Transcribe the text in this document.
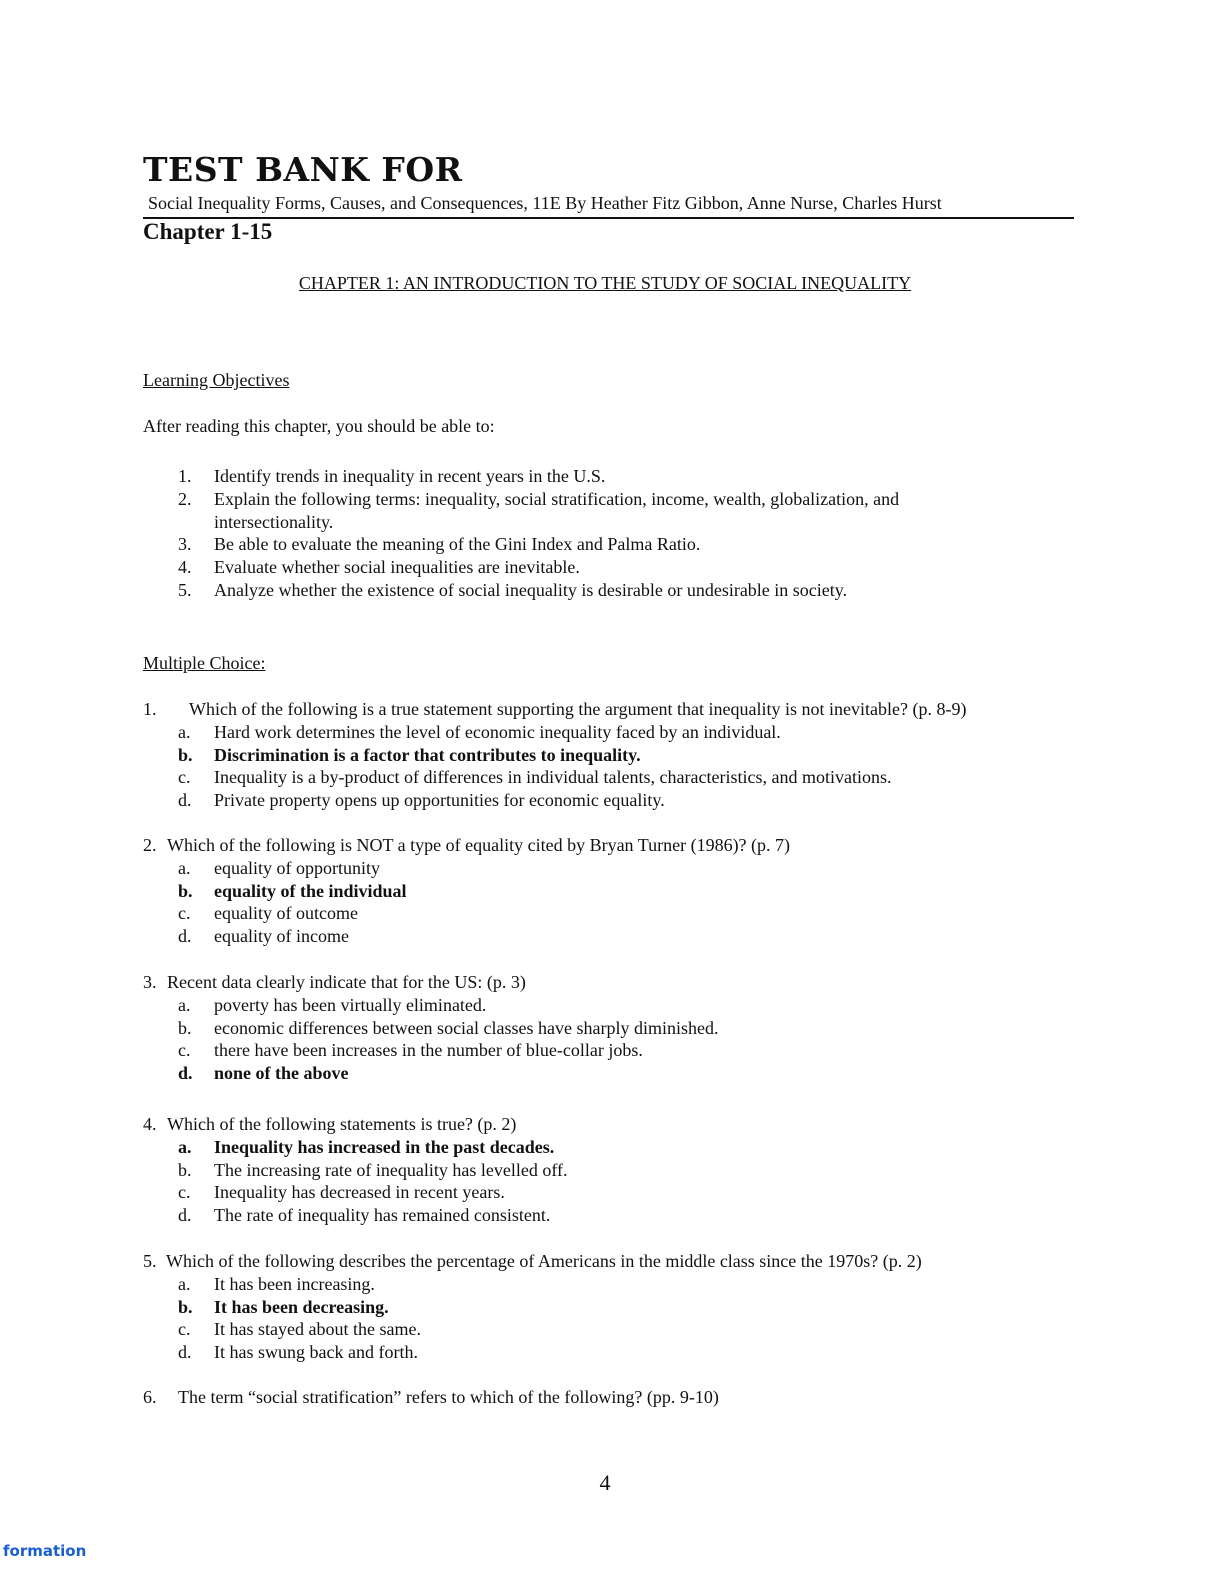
TEST BANK FOR
Social Inequality Forms, Causes, and Consequences, 11E By Heather Fitz Gibbon, Anne Nurse, Charles Hurst
Chapter 1-15
CHAPTER 1: AN INTRODUCTION TO THE STUDY OF SOCIAL INEQUALITY
Learning Objectives
After reading this chapter, you should be able to:
1. Identify trends in inequality in recent years in the U.S.
2. Explain the following terms: inequality, social stratification, income, wealth, globalization, and
intersectionality.
3. Be able to evaluate the meaning of the Gini Index and Palma Ratio.
4. Evaluate whether social inequalities are inevitable.
5. Analyze whether the existence of social inequality is desirable or undesirable in society.
Multiple Choice:
1. Which of the following is a true statement supporting the argument that inequality is not inevitable? (p. 8-9)
a. Hard work determines the level of economic inequality faced by an individual.
b. Discrimination is a factor that contributes to inequality.
c. Inequality is a by-product of differences in individual talents, characteristics, and motivations.
d. Private property opens up opportunities for economic equality.
2. Which of the following is NOT a type of equality cited by Bryan Turner (1986)? (p. 7)
a. equality of opportunity
b. equality of the individual
c. equality of outcome
d. equality of income
3. Recent data clearly indicate that for the US: (p. 3)
a. poverty has been virtually eliminated.
b. economic differences between social classes have sharply diminished.
c. there have been increases in the number of blue-collar jobs.
d. none of the above
4. Which of the following statements is true? (p. 2)
a. Inequality has increased in the past decades.
b. The increasing rate of inequality has levelled off.
c. Inequality has decreased in recent years.
d. The rate of inequality has remained consistent.
5. Which of the following describes the percentage of Americans in the middle class since the 1970s? (p. 2)
a. It has been increasing.
b. It has been decreasing.
c. It has stayed about the same.
d. It has swung back and forth.
6. The term “social stratification” refers to which of the following? (pp. 9-10)
4
formation
